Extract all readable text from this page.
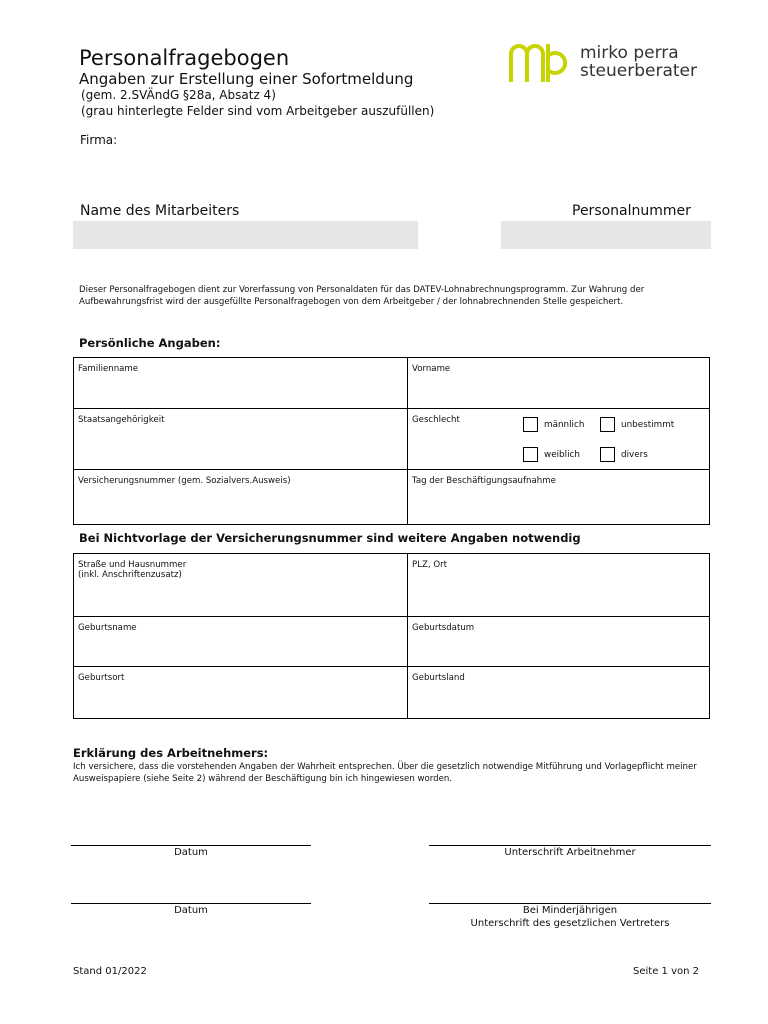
Personalfragebogen
Angaben zur Erstellung einer Sofortmeldung
(gem. 2.SVÄndG §28a, Absatz 4)
(grau hinterlegte Felder sind vom Arbeitgeber auszufüllen)
Firma:
mirko perra
steuerberater
Name des Mitarbeiters	Personalnummer
Dieser Personalfragebogen dient zur Vorerfassung von Personaldaten für das DATEV-Lohnabrechnungsprogramm. Zur Wahrung der Aufbewahrungsfrist wird der ausgefüllte Personalfragebogen von dem Arbeitgeber / der lohnabrechnenden Stelle gespeichert.
Persönliche Angaben:
Familienname	Vorname
Staatsangehörigkeit	Geschlecht männlich unbestimmt
weiblich divers

Versicherungsnummer (gem. Sozialvers.Ausweis)	Tag der Beschäftigungsaufnahme
Bei Nichtvorlage der Versicherungsnummer sind weitere Angaben notwendig
Straße und Hausnummer
(inkl. Anschriftenzusatz)	PLZ, Ort
Geburtsname	Geburtsdatum
Geburtsort	Geburtsland
Erklärung des Arbeitnehmers:
Ich versichere, dass die vorstehenden Angaben der Wahrheit entsprechen. Über die gesetzlich notwendige Mitführung und Vorlagepflicht meiner Ausweispapiere (siehe Seite 2) während der Beschäftigung bin ich hingewiesen worden.
Datum	Unterschrift Arbeitnehmer
Datum	Bei Minderjährigen
Unterschrift des gesetzlichen Vertreters
Stand 01/2022	Seite 1 von 2
